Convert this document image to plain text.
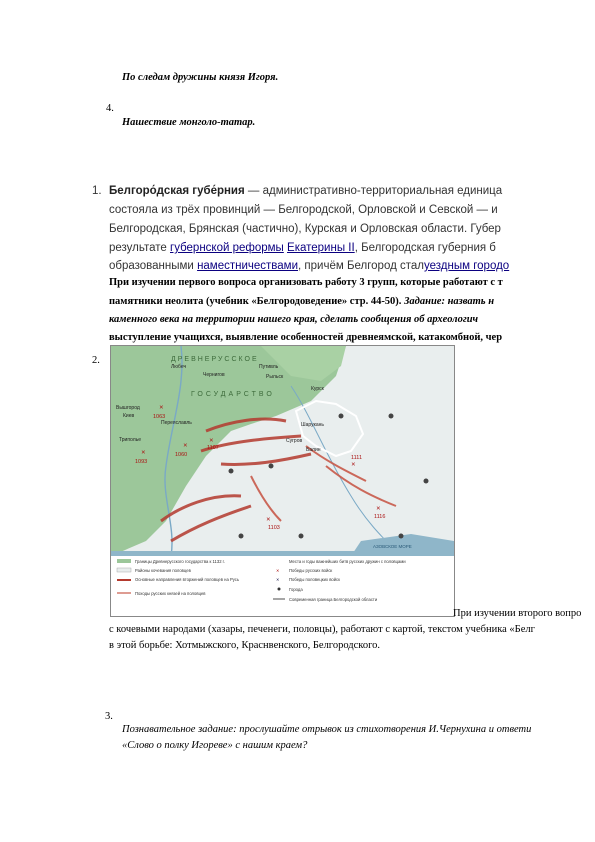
По следам дружины князя Игоря.
4.
Нашествие монголо-татар.
1. Белгоро́дская губе́рния — административно-территориальная единица
состояла из трёх провинций — Белгородской, Орловской и Севской — и
Белгородская, Брянская (частично), Курская и Орловская области. Губер
результате губернской реформы Екатерины II, Белгородская губерния б
образованными наместничествами, причём Белгород сталуездным городо
При изучении первого вопроса организовать работу 3 групп, которые работают с т
памятники неолита (учебник «Белгородоведение» стр. 44-50). Задание: назвать н
каменного века на территории нашего края, сделать сообщения об археологич
выступление учащихся, выявление особенностей древнеямской, катакомбной, чер
2.	ДРЕВНЕРУССКОЕ
ГОСУДАРСТВО
✕
1063
✕
1093
✕
1060
✕
1107
✕
1111
✕
1116
✕
1103
Любеч
Чернигов
Путивль
Рыльск
Курск
Вышгород
Киев
Переяславль
Триполье
Шарукань
Сугров
Балин
АЗОВСКОЕ МОРЕ
Границы Древнерусского государства к 1132 г.
Районы кочевания половцев
Основные направления вторжений половцев на Русь
Походы русских князей на половцев
Места и годы важнейших битв русских дружин с половцами
✕ Победы русских войск
✕ Победы половецких войск
Города
Современная граница Белгородской области
При изучении второго вопро
с кочевыми народами (хазары, печенеги, половцы), работают с картой, текстом учебника «Белг
в этой борьбе: Хотмыжского, Краснвенского, Белгородского.
3.
Познавательное задание: прослушайте отрывок из стихотворения И.Чернухина и ответи
«Слово о полку Игореве» с нашим краем?
